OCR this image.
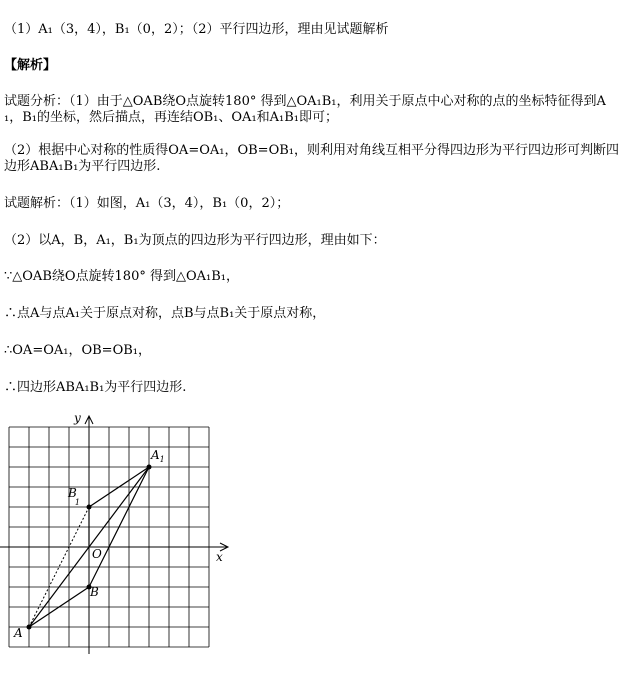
（1）A₁（3，4），B₁（0，2）；（2）平行四边形，理由见试题解析
【解析】
试题分析：（1）由于△OAB绕O点旋转180° 得到△OA₁B₁，利用关于原点中心对称的点的坐标特征得到A
₁，B₁的坐标，然后描点，再连结OB₁、OA₁和A₁B₁即可；
（2）根据中心对称的性质得OA=OA₁，OB=OB₁，则利用对角线互相平分得四边形为平行四边形可判断四
边形ABA₁B₁为平行四边形.
试题解析：（1）如图，A₁（3，4），B₁（0，2）；
（2）以A，B，A₁，B₁为顶点的四边形为平行四边形，理由如下：
∵△OAB绕O点旋转180° 得到△OA₁B₁，
∴点A与点A₁关于原点对称，点B与点B₁关于原点对称，
∴OA=OA₁，OB=OB₁，
∴四边形ABA₁B₁为平行四边形.
x
y
O
$A_1$
B 1
B
A
